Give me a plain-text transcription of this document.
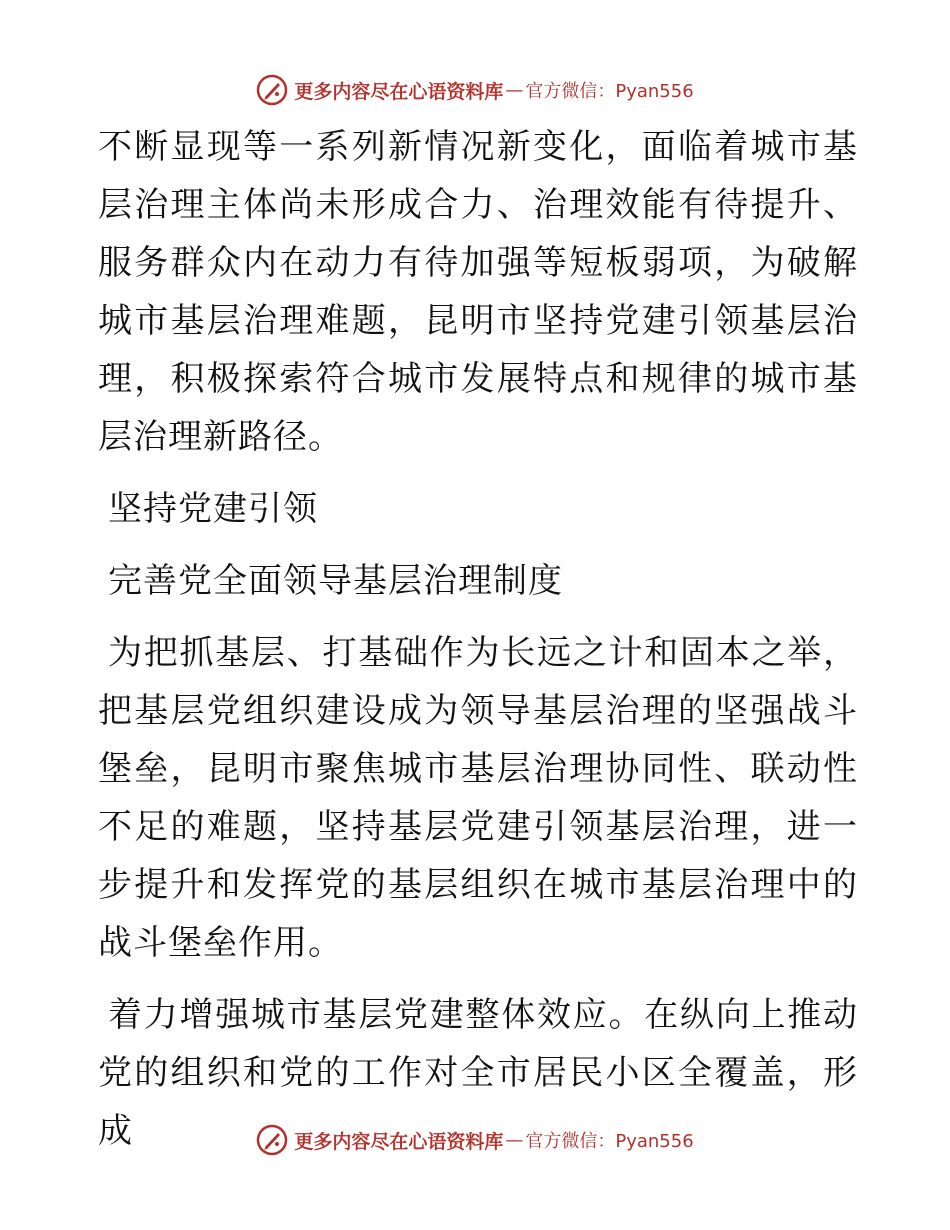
更多内容尽在心语资料库 — 官方微信：Pyan556

不断显现等一系列新情况新变化，面临着城市基层治理主体尚未形成合力、治理效能有待提升、服务群众内在动力有待加强等短板弱项，为破解城市基层治理难题，昆明市坚持党建引领基层治理，积极探索符合城市发展特点和规律的城市基层治理新路径。

坚持党建引领

完善党全面领导基层治理制度

为把抓基层、打基础作为长远之计和固本之举，把基层党组织建设成为领导基层治理的坚强战斗堡垒，昆明市聚焦城市基层治理协同性、联动性不足的难题，坚持基层党建引领基层治理，进一步提升和发挥党的基层组织在城市基层治理中的战斗堡垒作用。

着力增强城市基层党建整体效应。在纵向上推动党的组织和党的工作对全市居民小区全覆盖，形成	更多内容尽在心语资料库 — 官方微信：Pyan556
